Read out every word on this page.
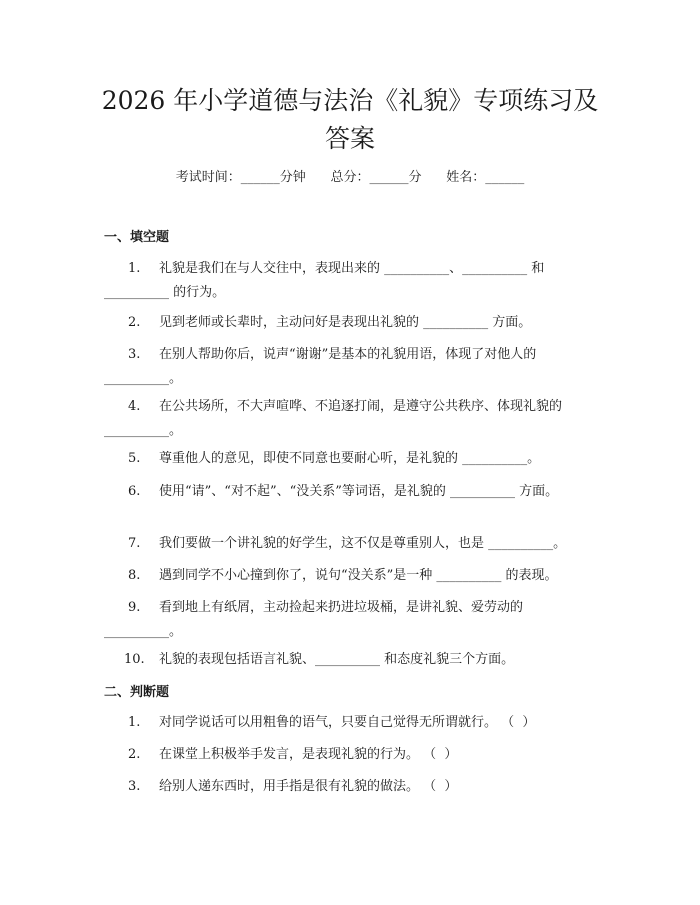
2026 年小学道德与法治《礼貌》专项练习及答案
考试时间：______分钟      总分：______分      姓名：______
一、填空题

1. 礼貌是我们在与人交往中，表现出来的 __________、__________ 和 __________ 的行为。

2. 见到老师或长辈时，主动问好是表现出礼貌的 __________ 方面。

3. 在别人帮助你后，说声“谢谢”是基本的礼貌用语，体现了对他人的 __________。

4. 在公共场所，不大声喧哗、不追逐打闹，是遵守公共秩序、体现礼貌的 __________。

5. 尊重他人的意见，即使不同意也要耐心听，是礼貌的 __________。

6. 使用“请”、“对不起”、“没关系”等词语，是礼貌的 __________ 方面。

7. 我们要做一个讲礼貌的好学生，这不仅是尊重别人，也是 __________。

8. 遇到同学不小心撞到你了，说句“没关系”是一种 __________ 的表现。

9. 看到地上有纸屑，主动捡起来扔进垃圾桶，是讲礼貌、爱劳动的 __________。

10. 礼貌的表现包括语言礼貌、__________ 和态度礼貌三个方面。

二、判断题

1. 对同学说话可以用粗鲁的语气，只要自己觉得无所谓就行。 （  ）

2. 在课堂上积极举手发言，是表现礼貌的行为。 （  ）

3. 给别人递东西时，用手指是很有礼貌的做法。 （  ）
